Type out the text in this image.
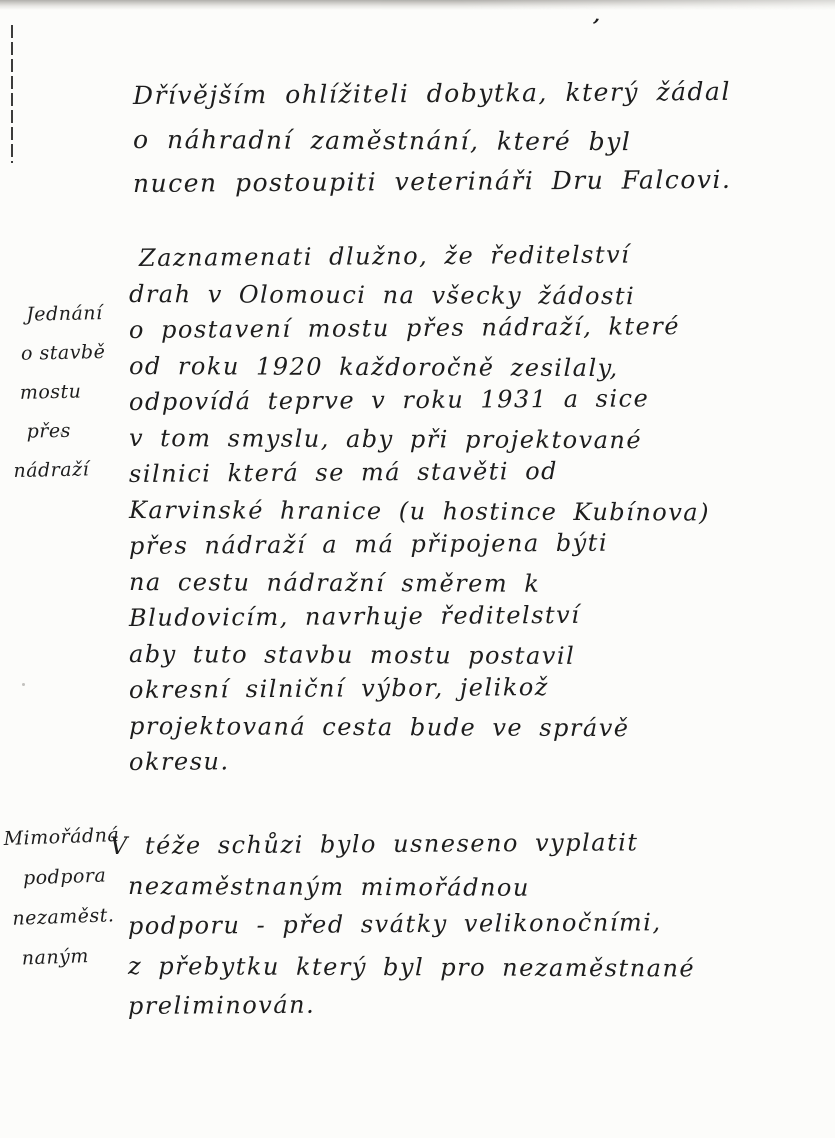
’
Jednání
o stavbě
mostu
přes
nádraží
Mimořádná
podpora
nezaměst.
naným
Dřívějším ohlížiteli dobytka, který žádal
o náhradní zaměstnání, které byl
nucen postoupiti veterináři Dru Falcovi.
Zaznamenati dlužno, že ředitelství
drah v Olomouci na všecky žádosti
o postavení mostu přes nádraží, které
od roku 1920 každoročně zesilaly,
odpovídá teprve v roku 1931 a sice
v tom smyslu, aby při projektované
silnici která se má stavěti od
Karvinské hranice (u hostince Kubínova)
přes nádraží a má připojena býti
na cestu nádražní směrem k
Bludovicím, navrhuje ředitelství
aby tuto stavbu mostu postavil
okresní silniční výbor, jelikož
projektovaná cesta bude ve správě
okresu.
V téže schůzi bylo usneseno vyplatit
nezaměstnaným mimořádnou
podporu - před svátky velikonočními,
z přebytku který byl pro nezaměstnané
preliminován.
